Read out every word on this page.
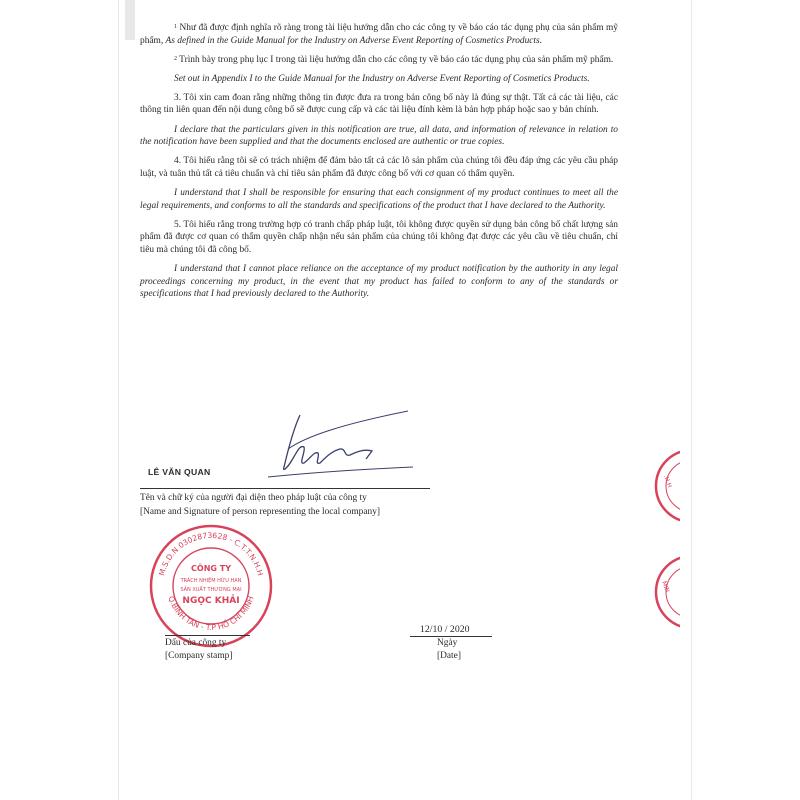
$^1$ Như đã được định nghĩa rõ ràng trong tài liệu hướng dẫn cho các công ty về báo cáo tác dụng phụ của sản phẩm mỹ phẩm, As defined in the Guide Manual for the Industry on Adverse Event Reporting of Cosmetics Products.

$^2$ Trình bày trong phụ lục I trong tài liệu hướng dẫn cho các công ty về báo cáo tác dụng phụ của sản phẩm mỹ phẩm.

Set out in Appendix I to the Guide Manual for the Industry on Adverse Event Reporting of Cosmetics Products.

3. Tôi xin cam đoan rằng những thông tin được đưa ra trong bản công bố này là đúng sự thật. Tất cả các tài liệu, các thông tin liên quan đến nội dung công bố sẽ được cung cấp và các tài liệu đính kèm là bản hợp pháp hoặc sao y bản chính.

I declare that the particulars given in this notification are true, all data, and information of relevance in relation to the notification have been supplied and that the documents enclosed are authentic or true copies.

4. Tôi hiểu rằng tôi sẽ có trách nhiệm để đảm bảo tất cả các lô sản phẩm của chúng tôi đều đáp ứng các yêu cầu pháp luật, và tuân thủ tất cả tiêu chuẩn và chỉ tiêu sản phẩm đã được công bố với cơ quan có thẩm quyền.

I understand that I shall be responsible for ensuring that each consignment of my product continues to meet all the legal requirements, and conforms to all the standards and specifications of the product that I have declared to the Authority.

5. Tôi hiểu rằng trong trường hợp có tranh chấp pháp luật, tôi không được quyền sử dụng bản công bố chất lượng sản phẩm đã được cơ quan có thẩm quyền chấp nhận nếu sản phẩm của chúng tôi không đạt được các yêu cầu về tiêu chuẩn, chỉ tiêu mà chúng tôi đã công bố.

I understand that I cannot place reliance on the acceptance of my product notification by the authority in any legal proceedings concerning my product, in the event that my product has failed to conform to any of the standards or specifications that I had previously declared to the Authority.

LÊ VĂN QUAN
Tên và chữ ký của người đại diện theo pháp luật của công ty
[Name and Signature of person representing the local company]
M.S.D.N 0302873628 - C.T.T.N.H.H
Q.BÌNH TÂN - T.P HỒ CHÍ MINH
CÔNG TY
TRÁCH NHIỆM HỮU HẠN
SẢN XUẤT THƯƠNG MẠI
NGỌC KHẢI
Dấu của công ty
[Company stamp]
12/10 / 2020
Ngày
[Date]
.H.H
MIN
